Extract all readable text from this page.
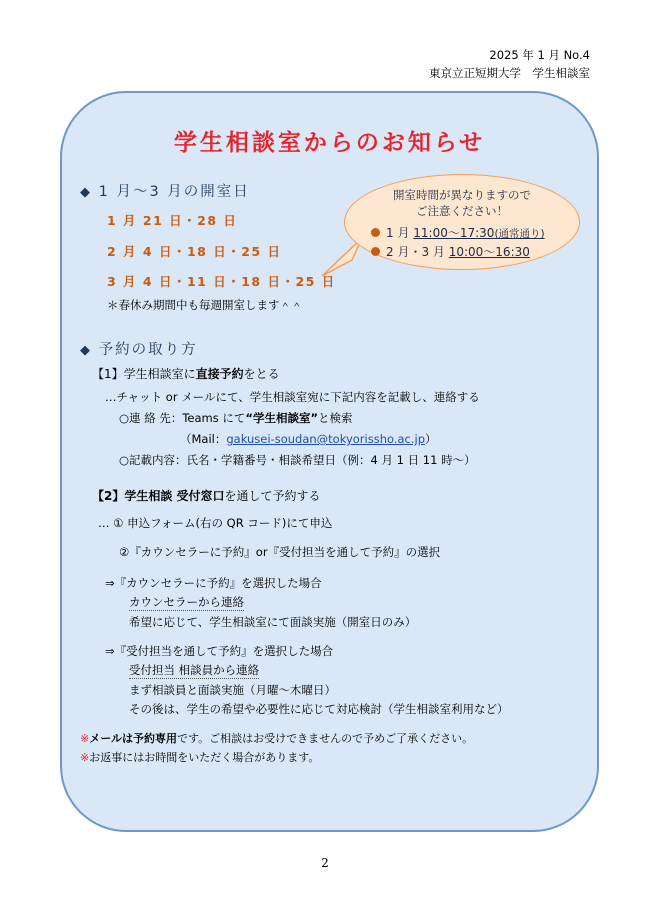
2025 年 1 月 No.4
東京立正短期大学　学生相談室
学生相談室からのお知らせ
◆ 1 月〜3 月の開室日
1 月 21 日・28 日
2 月 4 日・18 日・25 日
3 月 4 日・11 日・18 日・25 日
＊春休み期間中も毎週開室します＾＾
開室時間が異なりますので
ご注意ください！
1 月 11:00〜17:30(通常通り)
2 月・3 月 10:00〜16:30
◆ 予約の取り方
【1】学生相談室に直接予約をとる
…チャット or メールにて、学生相談室宛に下記内容を記載し、連絡する
○連 絡 先：Teams にて“学生相談室”と検索
（Mail：gakusei-soudan@tokyorissho.ac.jp）
○記載内容：氏名・学籍番号・相談希望日（例：4 月 1 日 11 時〜）
【2】学生相談 受付窓口を通して予約する
… ① 申込フォーム(右の QR コード)にて申込
②『カウンセラーに予約』or『受付担当を通して予約』の選択
⇒『カウンセラーに予約』を選択した場合
カウンセラーから連絡
希望に応じて、学生相談室にて面談実施（開室日のみ）
⇒『受付担当を通して予約』を選択した場合
受付担当 相談員から連絡
まず相談員と面談実施（月曜〜木曜日）
その後は、学生の希望や必要性に応じて対応検討（学生相談室利用など）
※メールは予約専用です。ご相談はお受けできませんので予めご了承ください。
※お返事にはお時間をいただく場合があります。
2
